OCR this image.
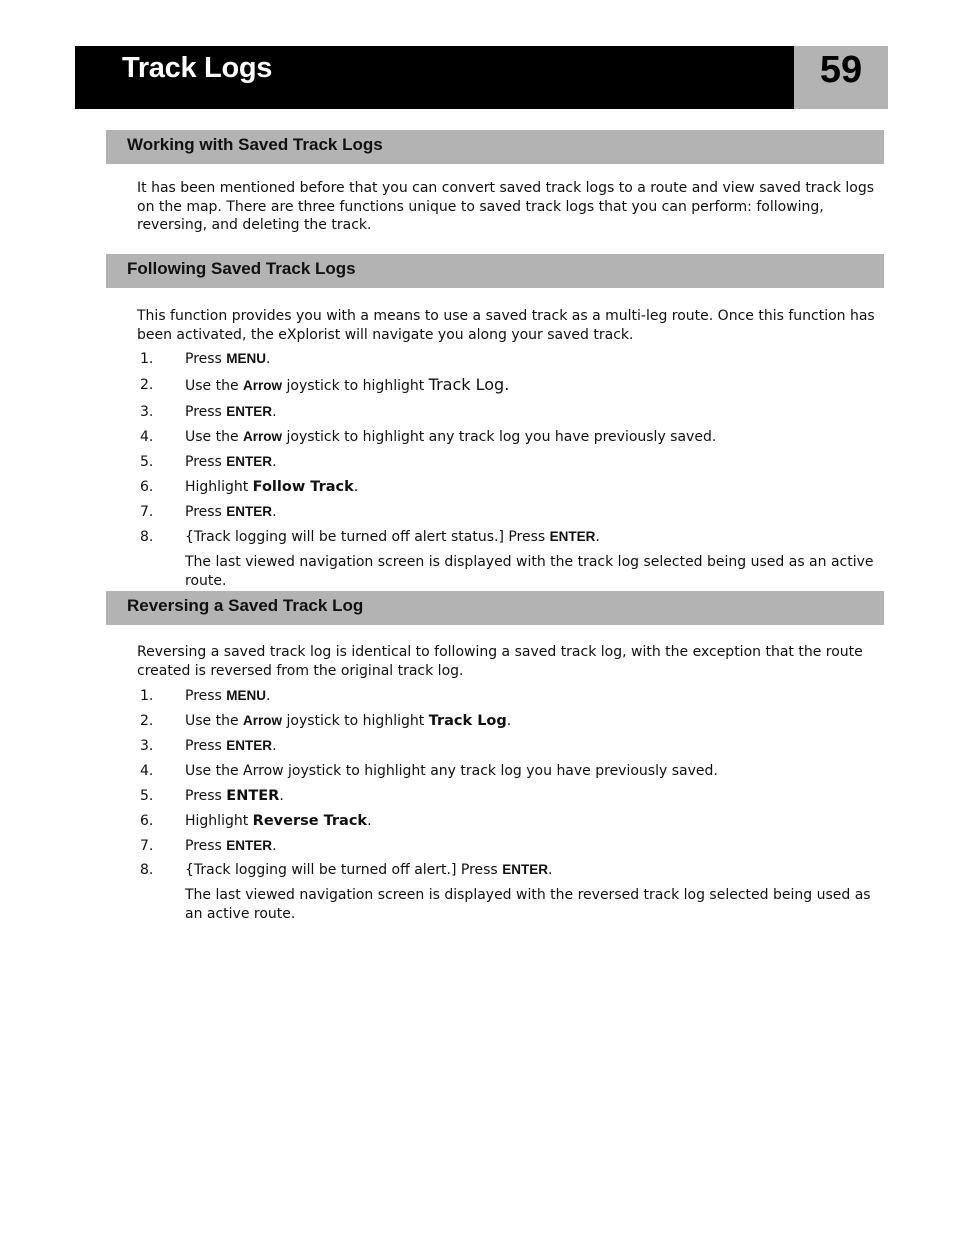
Track Logs	59
Working with Saved Track Logs
It has been mentioned before that you can convert saved track logs to a route and view saved track logs on the map. There are three functions unique to saved track logs that you can perform: following, reversing, and deleting the track.
Following Saved Track Logs
This function provides you with a means to use a saved track as a multi-leg route. Once this function has been activated, the eXplorist will navigate you along your saved track.
1. Press MENU.
2. Use the Arrow joystick to highlight Track Log.
3. Press ENTER.
4. Use the Arrow joystick to highlight any track log you have previously saved.
5. Press ENTER.
6. Highlight Follow Track.
7. Press ENTER.
8. {Track logging will be turned off alert status.] Press ENTER.
The last viewed navigation screen is displayed with the track log selected being used as an active route.
Reversing a Saved Track Log
Reversing a saved track log is identical to following a saved track log, with the exception that the route created is reversed from the original track log.
1. Press MENU.
2. Use the Arrow joystick to highlight Track Log.
3. Press ENTER.
4. Use the Arrow joystick to highlight any track log you have previously saved.
5. Press ENTER.
6. Highlight Reverse Track.
7. Press ENTER.
8. {Track logging will be turned off alert.] Press ENTER.
The last viewed navigation screen is displayed with the reversed track log selected being used as an active route.
